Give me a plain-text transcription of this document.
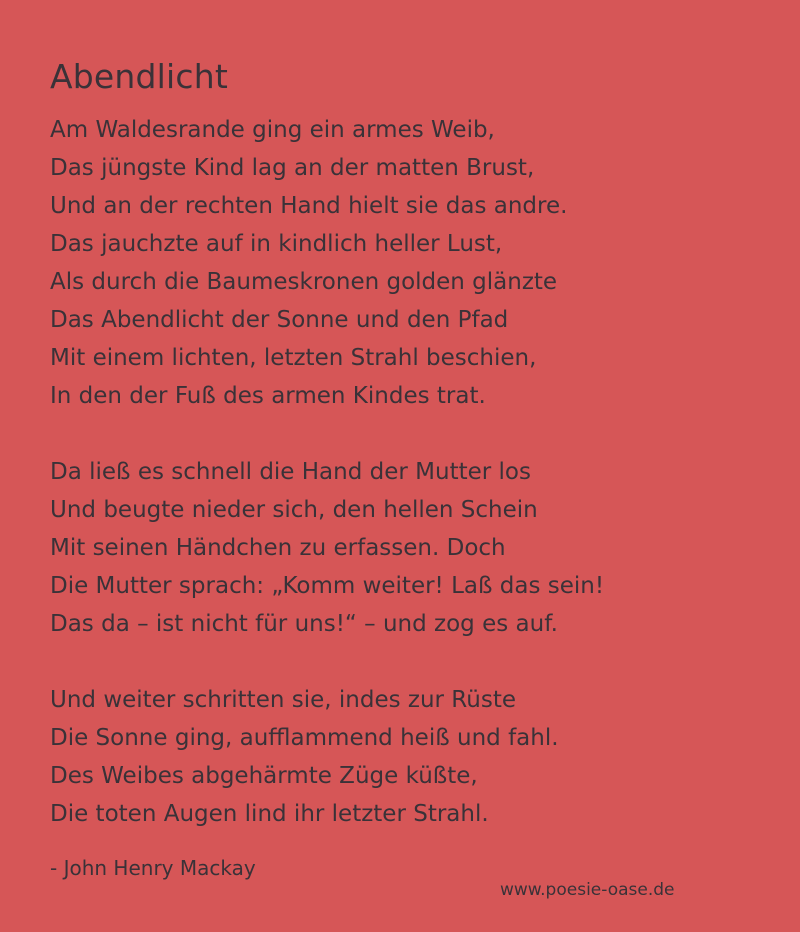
Abendlicht
Am Waldesrande ging ein armes Weib,
Das jüngste Kind lag an der matten Brust,
Und an der rechten Hand hielt sie das andre.
Das jauchzte auf in kindlich heller Lust,
Als durch die Baumeskronen golden glänzte
Das Abendlicht der Sonne und den Pfad
Mit einem lichten, letzten Strahl beschien,
In den der Fuß des armen Kindes trat.
Da ließ es schnell die Hand der Mutter los
Und beugte nieder sich, den hellen Schein
Mit seinen Händchen zu erfassen. Doch
Die Mutter sprach: „Komm weiter! Laß das sein!
Das da – ist nicht für uns!“ – und zog es auf.
Und weiter schritten sie, indes zur Rüste
Die Sonne ging, aufflammend heiß und fahl.
Des Weibes abgehärmte Züge küßte,
Die toten Augen lind ihr letzter Strahl.
- John Henry Mackay
www.poesie-oase.de
